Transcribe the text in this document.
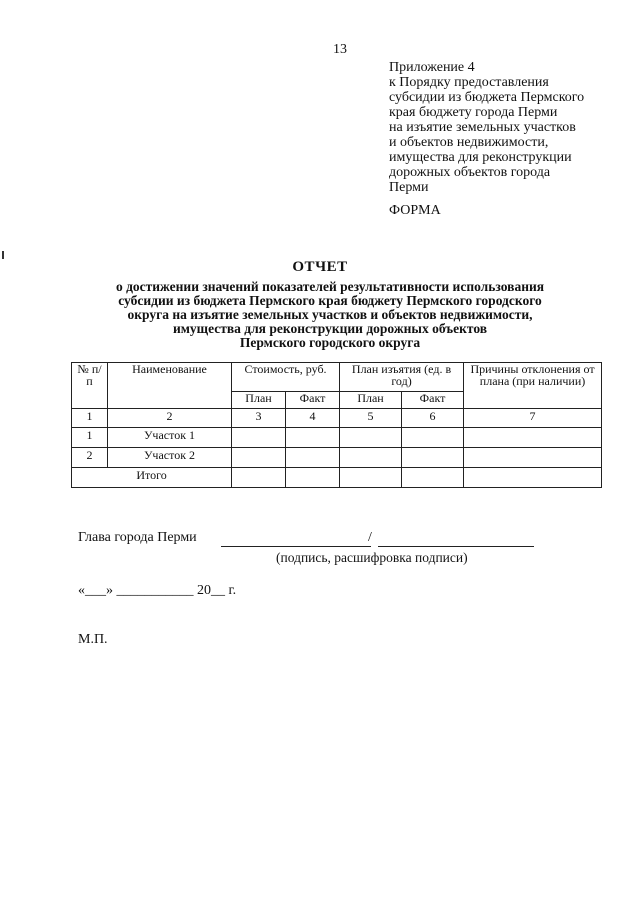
13
Приложение 4
к Порядку предоставления
субсидии из бюджета Пермского
края бюджету города Перми
на изъятие земельных участков
и объектов недвижимости,
имущества для реконструкции
дорожных объектов города
Перми
ФОРМА
ОТЧЕТ
о достижении значений показателей результативности использования
субсидии из бюджета Пермского края бюджету Пермского городского
округа на изъятие земельных участков и объектов недвижимости,
имущества для реконструкции дорожных объектов
Пермского городского округа
№ п/п	Наименование	Стоимость, руб.		План изъятия (ед. в год)		Причины отклонения от плана (при наличии)
		План	Факт	План	Факт	
1	2	3	4	5	6	7
1	Участок 1					
2	Участок 2					
Итого						
Глава города Перми	/
(подпись, расшифровка подписи)
«___» ___________ 20__ г.
М.П.
